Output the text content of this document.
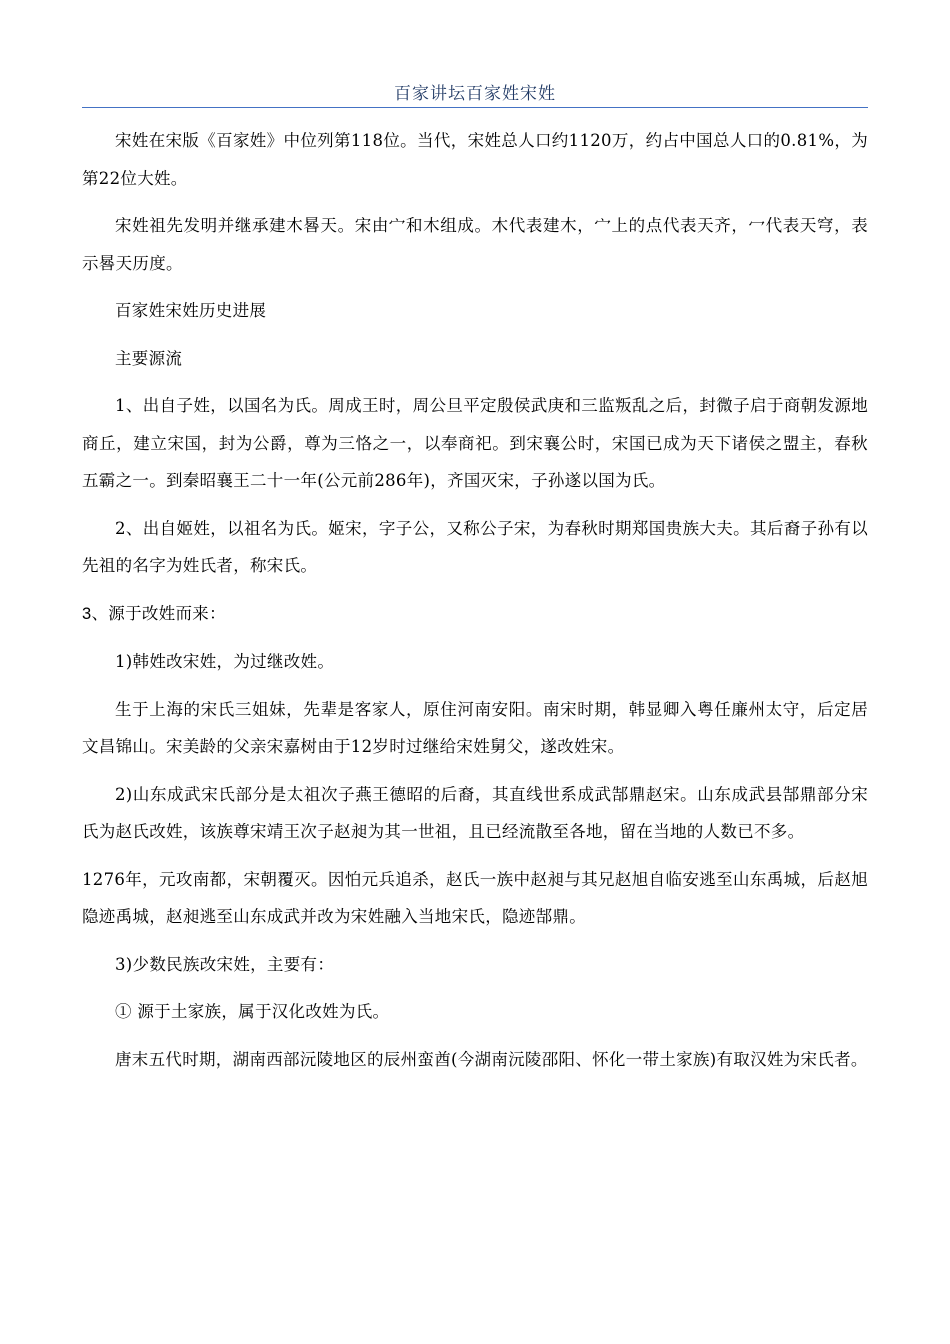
百家讲坛百家姓宋姓

宋姓在宋版《百家姓》中位列第118位。当代，宋姓总人口约1120万，约占中国总人口的0.81%，为第22位大姓。

宋姓祖先发明并继承建木晷天。宋由宀和木组成。木代表建木，宀上的点代表天齐，冖代表天穹，表示晷天历度。

百家姓宋姓历史进展

主要源流

1、出自子姓，以国名为氏。周成王时，周公旦平定殷侯武庚和三监叛乱之后，封微子启于商朝发源地商丘，建立宋国，封为公爵，尊为三恪之一，以奉商祀。到宋襄公时，宋国已成为天下诸侯之盟主，春秋五霸之一。到秦昭襄王二十一年(公元前286年)，齐国灭宋，子孙遂以国为氏。

2、出自姬姓，以祖名为氏。姬宋，字子公，又称公子宋，为春秋时期郑国贵族大夫。其后裔子孙有以先祖的名字为姓氏者，称宋氏。

3、源于改姓而来：

1)韩姓改宋姓，为过继改姓。

生于上海的宋氏三姐妹，先辈是客家人，原住河南安阳。南宋时期，韩显卿入粤任廉州太守，后定居文昌锦山。宋美龄的父亲宋嘉树由于12岁时过继给宋姓舅父，遂改姓宋。

2)山东成武宋氏部分是太祖次子燕王德昭的后裔，其直线世系成武郜鼎赵宋。山东成武县郜鼎部分宋氏为赵氏改姓，该族尊宋靖王次子赵昶为其一世祖，且已经流散至各地，留在当地的人数已不多。

1276年，元攻南都，宋朝覆灭。因怕元兵追杀，赵氏一族中赵昶与其兄赵旭自临安逃至山东禹城，后赵旭隐迹禹城，赵昶逃至山东成武并改为宋姓融入当地宋氏，隐迹郜鼎。

3)少数民族改宋姓，主要有：

① 源于土家族，属于汉化改姓为氏。

唐末五代时期，湖南西部沅陵地区的辰州蛮酋(今湖南沅陵邵阳、怀化一带土家族)有取汉姓为宋氏者。
